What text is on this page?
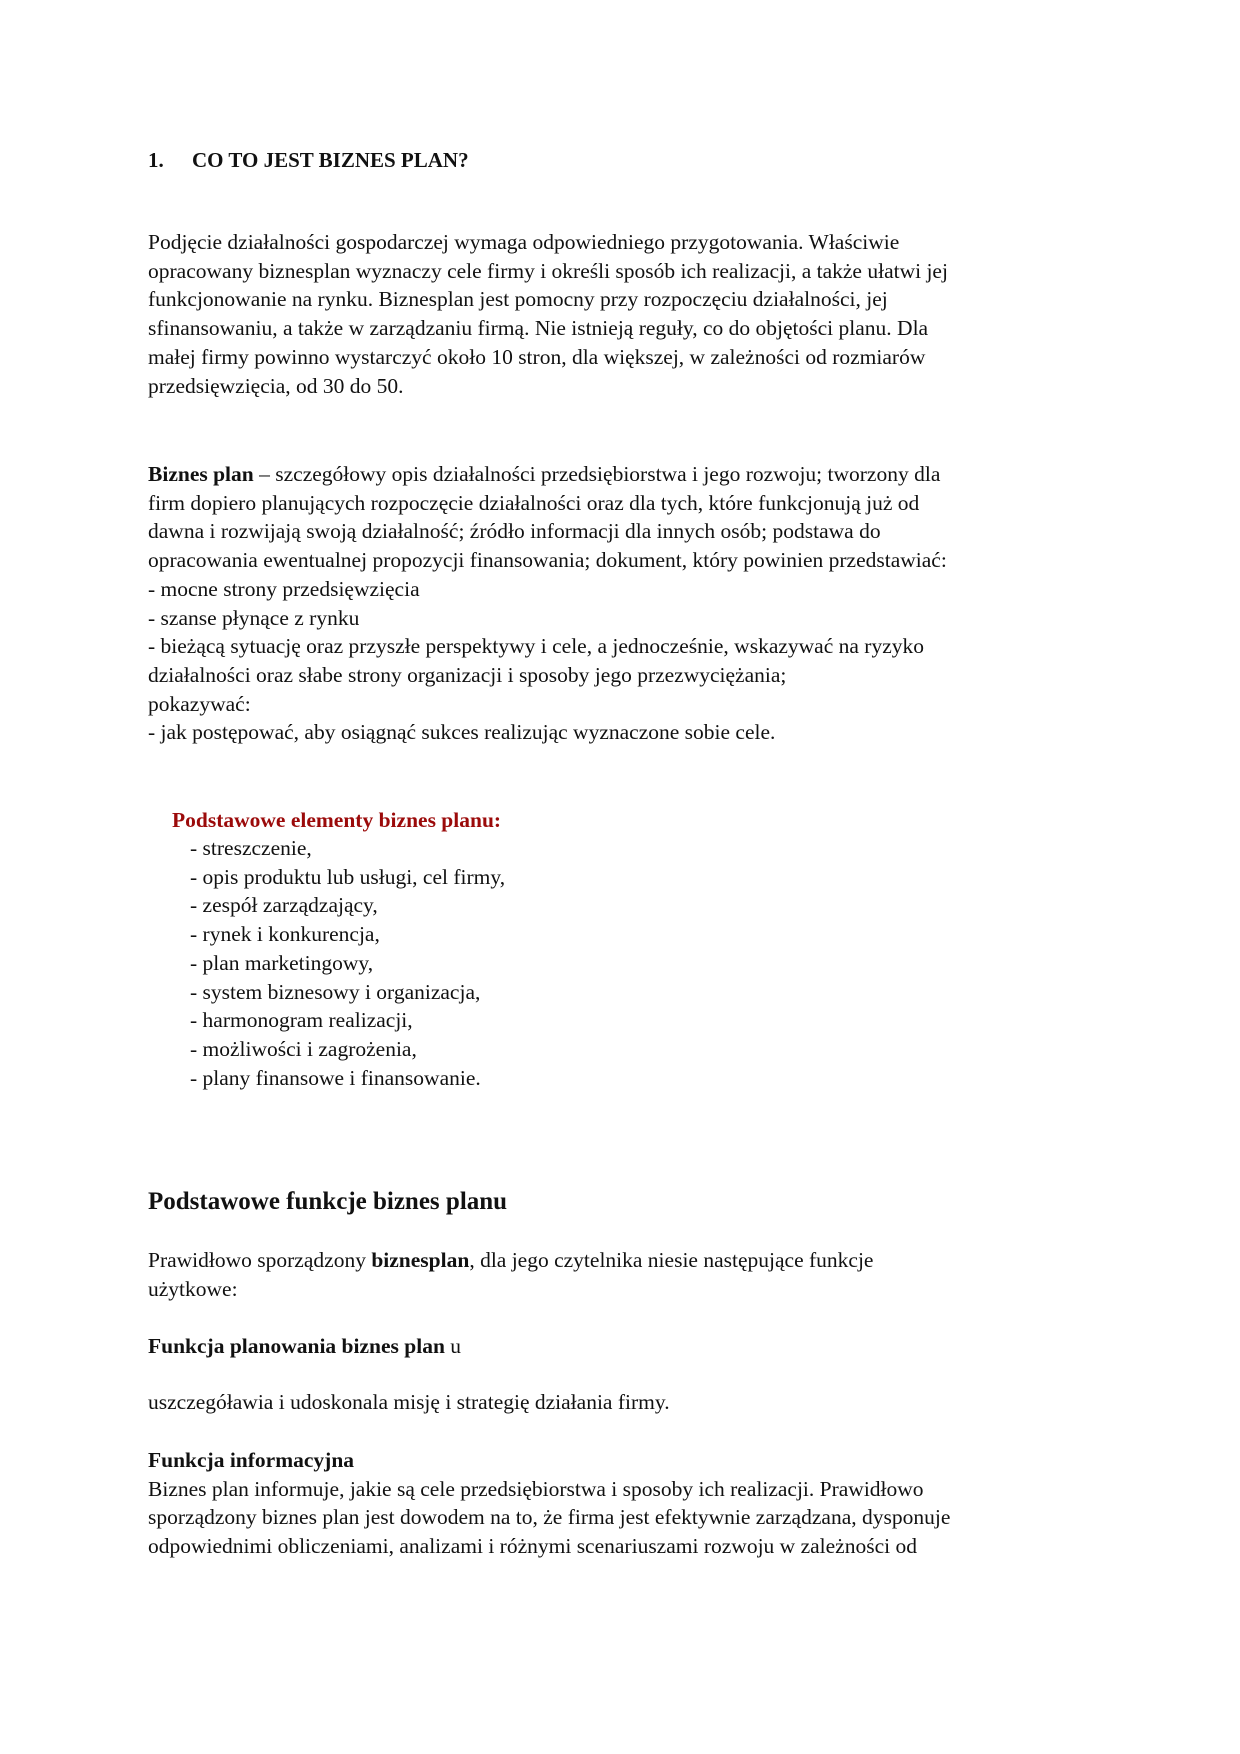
1. CO TO JEST BIZNES PLAN?
Podjęcie działalności gospodarczej wymaga odpowiedniego przygotowania. Właściwie
opracowany biznesplan wyznaczy cele firmy i określi sposób ich realizacji, a także ułatwi jej
funkcjonowanie na rynku. Biznesplan jest pomocny przy rozpoczęciu działalności, jej
sfinansowaniu, a także w zarządzaniu firmą. Nie istnieją reguły, co do objętości planu. Dla
małej firmy powinno wystarczyć około 10 stron, dla większej, w zależności od rozmiarów
przedsięwzięcia, od 30 do 50.
Biznes plan – szczegółowy opis działalności przedsiębiorstwa i jego rozwoju; tworzony dla
firm dopiero planujących rozpoczęcie działalności oraz dla tych, które funkcjonują już od
dawna i rozwijają swoją działalność; źródło informacji dla innych osób; podstawa do
opracowania ewentualnej propozycji finansowania; dokument, który powinien przedstawiać:
- mocne strony przedsięwzięcia
- szanse płynące z rynku
- bieżącą sytuację oraz przyszłe perspektywy i cele, a jednocześnie, wskazywać na ryzyko
działalności oraz słabe strony organizacji i sposoby jego przezwyciężania;
pokazywać:
- jak postępować, aby osiągnąć sukces realizując wyznaczone sobie cele.
Podstawowe elementy biznes planu:
- streszczenie,
- opis produktu lub usługi, cel firmy,
- zespół zarządzający,
- rynek i konkurencja,
- plan marketingowy,
- system biznesowy i organizacja,
- harmonogram realizacji,
- możliwości i zagrożenia,
- plany finansowe i finansowanie.
Podstawowe funkcje biznes planu
Prawidłowo sporządzony biznesplan, dla jego czytelnika niesie następujące funkcje
użytkowe:
Funkcja planowania biznes plan u
uszczegóławia i udoskonala misję i strategię działania firmy.
Funkcja informacyjna
Biznes plan informuje, jakie są cele przedsiębiorstwa i sposoby ich realizacji. Prawidłowo
sporządzony biznes plan jest dowodem na to, że firma jest efektywnie zarządzana, dysponuje
odpowiednimi obliczeniami, analizami i różnymi scenariuszami rozwoju w zależności od
